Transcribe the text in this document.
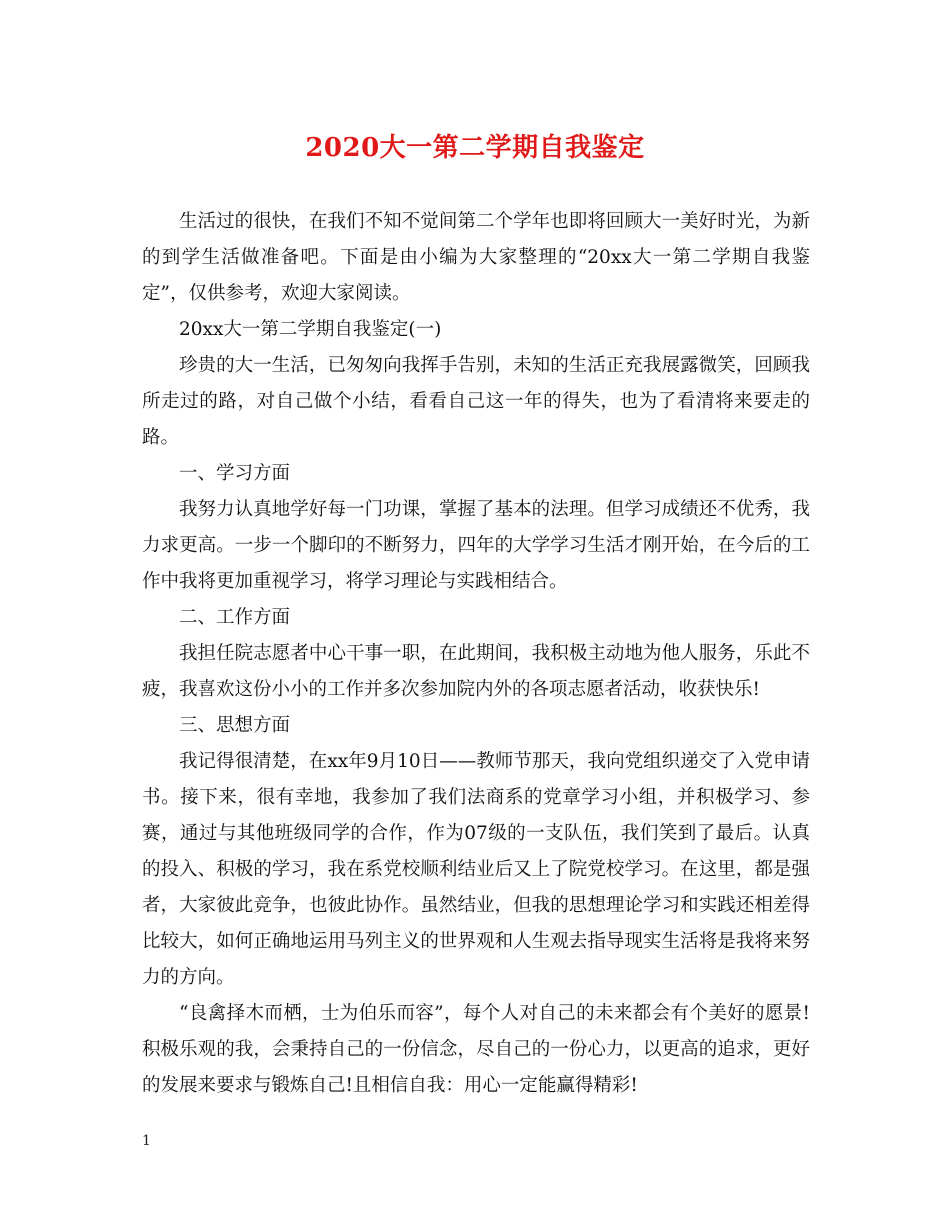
2020大一第二学期自我鉴定

生活过的很快，在我们不知不觉间第二个学年也即将回顾大一美好时光，为新的到学生活做准备吧。下面是由小编为大家整理的“20xx大一第二学期自我鉴定”，仅供参考，欢迎大家阅读。

20xx大一第二学期自我鉴定(一)

珍贵的大一生活，已匆匆向我挥手告别，未知的生活正充我展露微笑，回顾我所走过的路，对自己做个小结，看看自己这一年的得失，也为了看清将来要走的路。

一、学习方面

我努力认真地学好每一门功课，掌握了基本的法理。但学习成绩还不优秀，我力求更高。一步一个脚印的不断努力，四年的大学学习生活才刚开始，在今后的工作中我将更加重视学习，将学习理论与实践相结合。

二、工作方面

我担任院志愿者中心干事一职，在此期间，我积极主动地为他人服务，乐此不疲，我喜欢这份小小的工作并多次参加院内外的各项志愿者活动，收获快乐!

三、思想方面

我记得很清楚，在xx年9月10日——教师节那天，我向党组织递交了入党申请书。接下来，很有幸地，我参加了我们法商系的党章学习小组，并积极学习、参赛，通过与其他班级同学的合作，作为07级的一支队伍，我们笑到了最后。认真的投入、积极的学习，我在系党校顺利结业后又上了院党校学习。在这里，都是强者，大家彼此竞争，也彼此协作。虽然结业，但我的思想理论学习和实践还相差得比较大，如何正确地运用马列主义的世界观和人生观去指导现实生活将是我将来努力的方向。

“良禽择木而栖，士为伯乐而容”，每个人对自己的未来都会有个美好的愿景!积极乐观的我，会秉持自己的一份信念，尽自己的一份心力，以更高的追求，更好的发展来要求与锻炼自己!且相信自我：用心一定能赢得精彩!

1
